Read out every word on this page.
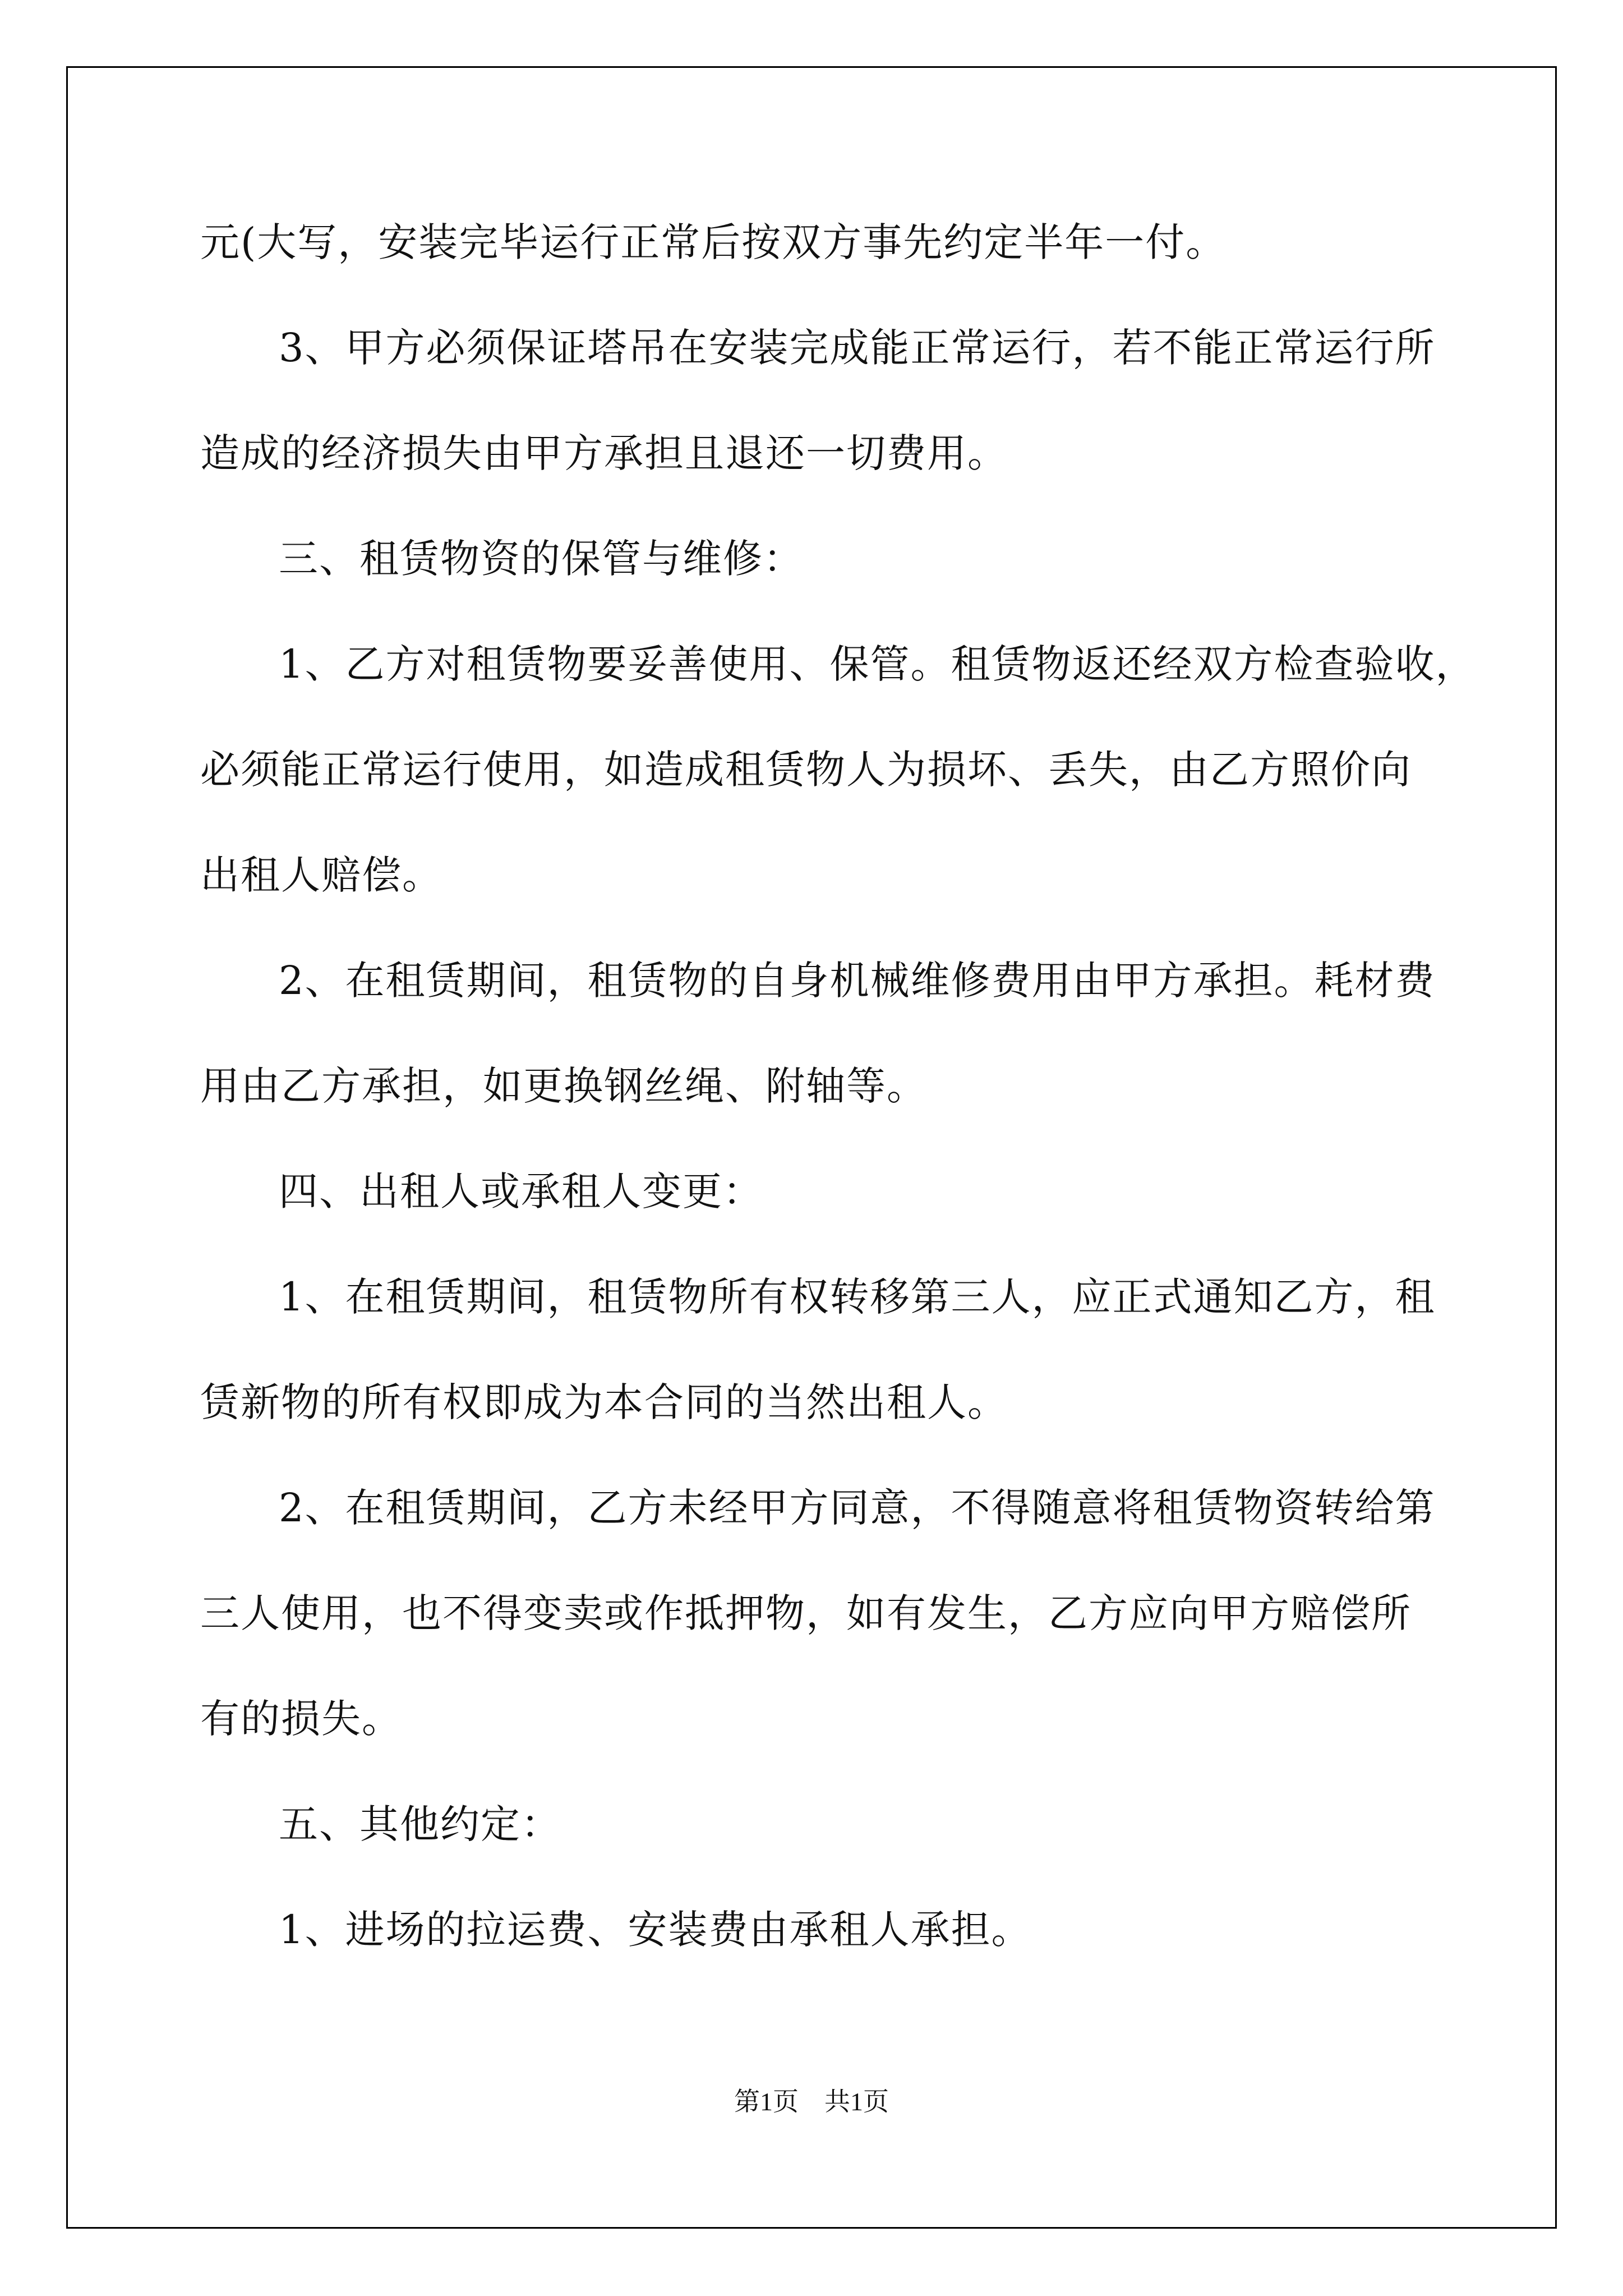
元(大写，安装完毕运行正常后按双方事先约定半年一付。
3、甲方必须保证塔吊在安装完成能正常运行，若不能正常运行所
造成的经济损失由甲方承担且退还一切费用。
三、租赁物资的保管与维修：
1、乙方对租赁物要妥善使用、保管。租赁物返还经双方检查验收，
必须能正常运行使用，如造成租赁物人为损坏、丢失，由乙方照价向
出租人赔偿。
2、在租赁期间，租赁物的自身机械维修费用由甲方承担。耗材费
用由乙方承担，如更换钢丝绳、附轴等。
四、出租人或承租人变更：
1、在租赁期间，租赁物所有权转移第三人，应正式通知乙方，租
赁新物的所有权即成为本合同的当然出租人。
2、在租赁期间，乙方未经甲方同意，不得随意将租赁物资转给第
三人使用，也不得变卖或作抵押物，如有发生，乙方应向甲方赔偿所
有的损失。
五、其他约定：
1、进场的拉运费、安装费由承租人承担。
第1页　共1页
